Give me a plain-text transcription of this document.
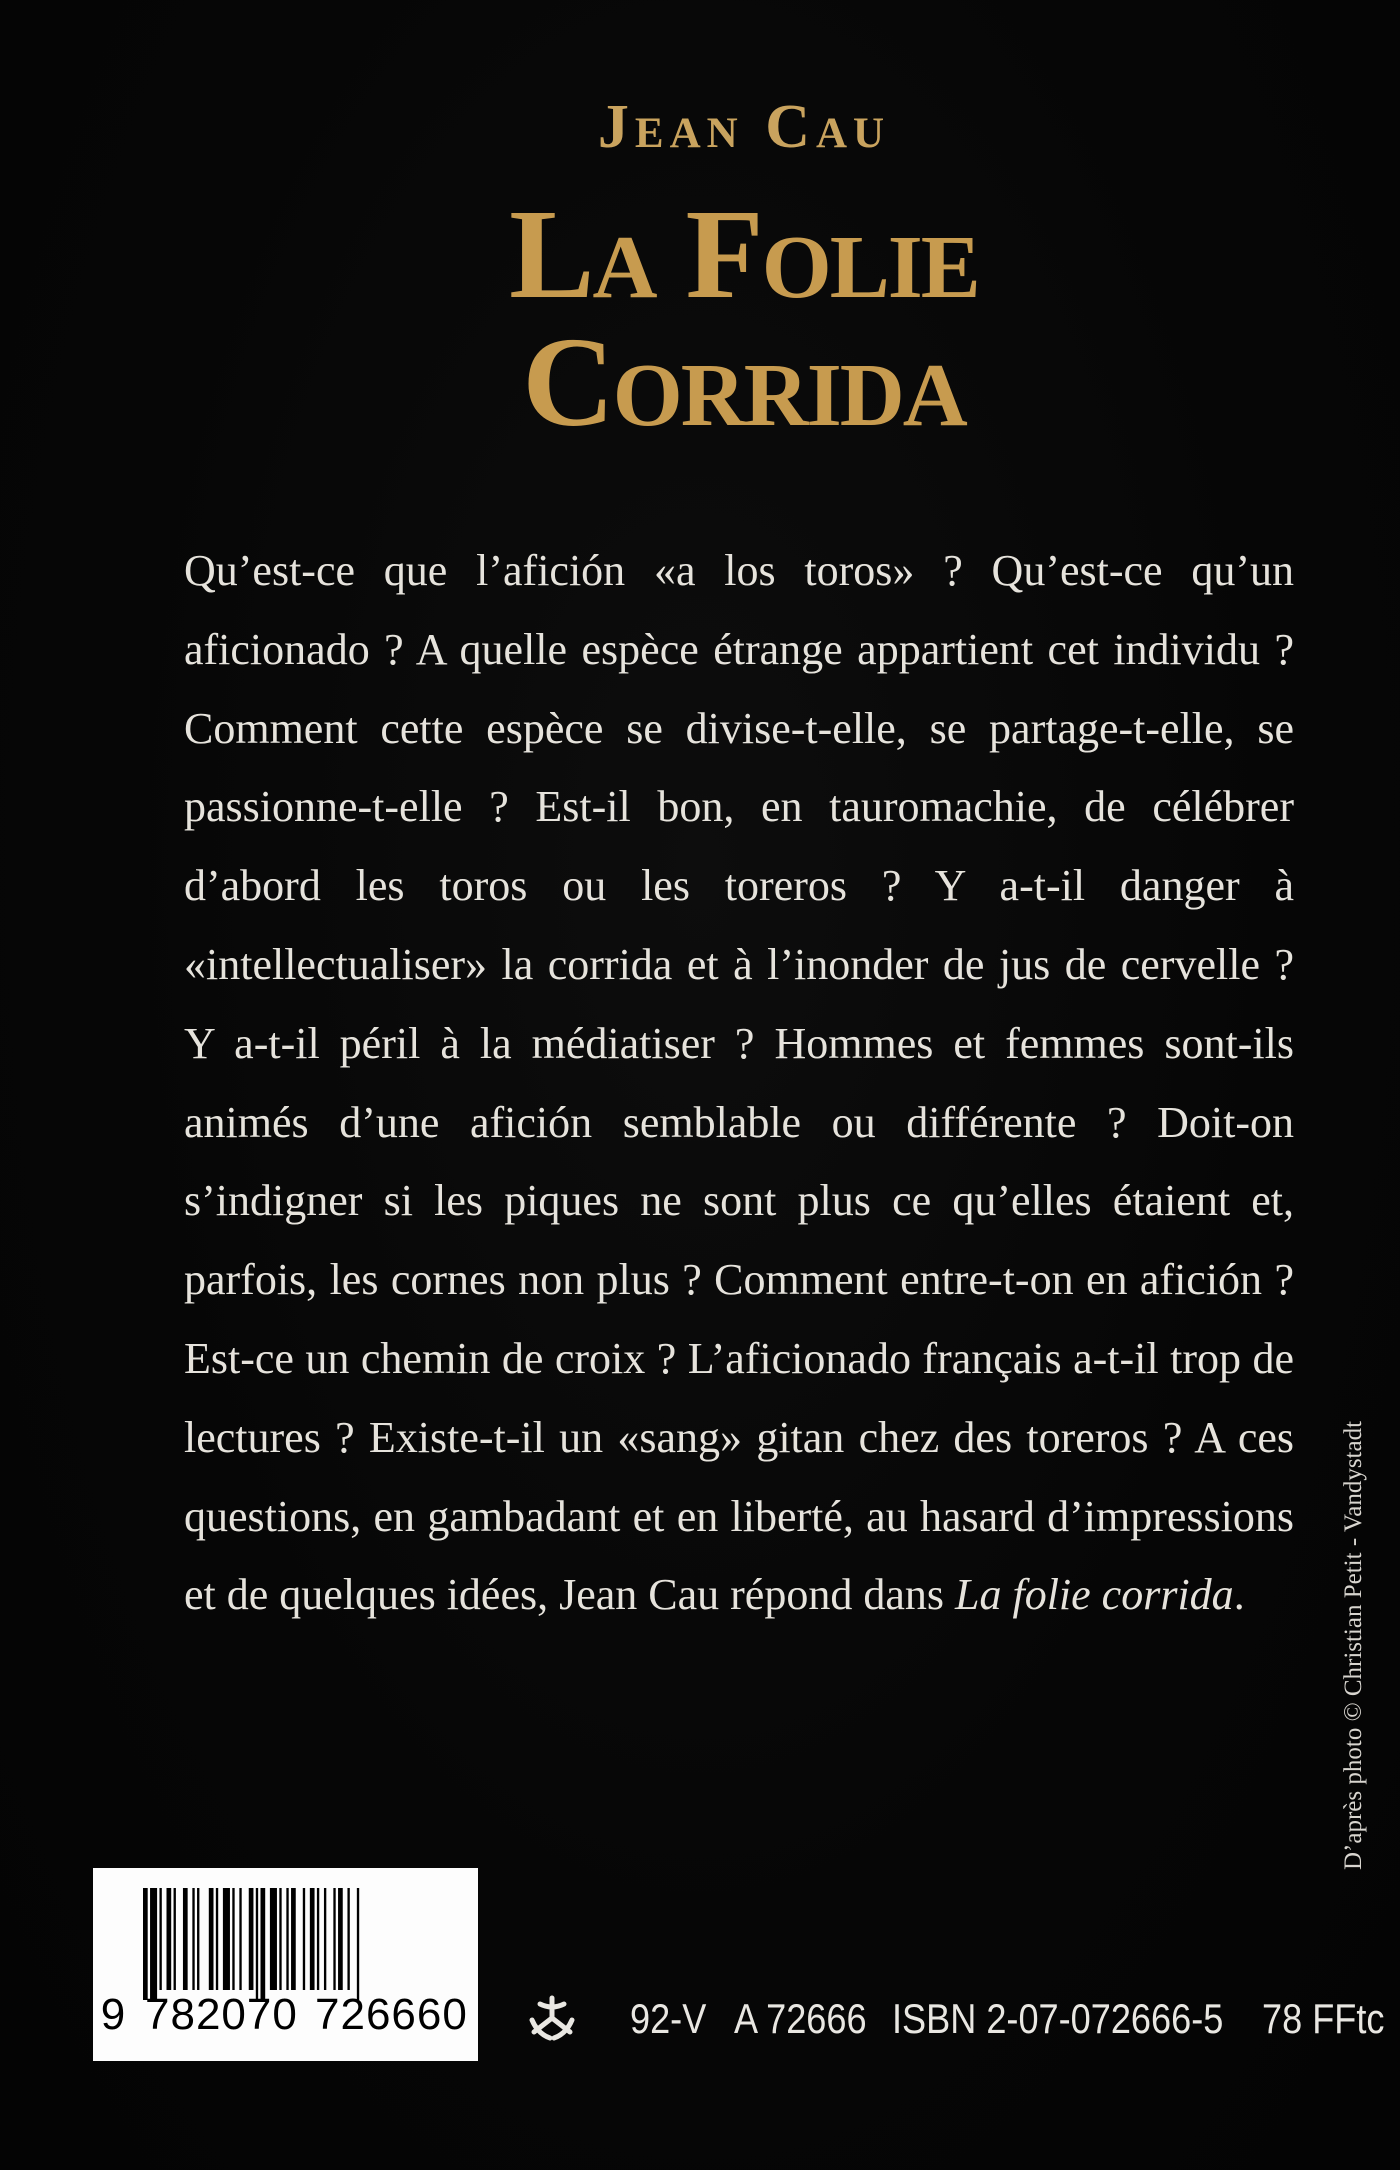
Jean Cau
La Folie
Corrida

Qu’est-ce que l’afición «a los toros» ? Qu’est-ce qu’un aficionado ? A quelle espèce étrange appartient cet individu ? Comment cette espèce se divise-t-elle, se partage-t-elle, se passionne-t-elle ? Est-il bon, en tauromachie, de célébrer d’abord les toros ou les toreros ? Y a-t-il danger à «intellectualiser» la corrida et à l’inonder de jus de cervelle ? Y a-t-il péril à la médiatiser ? Hommes et femmes sont-ils animés d’une afición semblable ou différente ? Doit-on s’indigner si les piques ne sont plus ce qu’elles étaient et, parfois, les cornes non plus ? Comment entre-t-on en afición ? Est-ce un chemin de croix ? L’aficionado français a-t-il trop de lectures ? Existe-t-il un «sang» gitan chez des toreros ? A ces questions, en gambadant et en liberté, au hasard d’impressions et de quelques idées, Jean Cau répond dans La folie corrida.	D’après photo © Christian Petit - Vandystadt
9 782070 726660	92-V A 72666 ISBN 2-07-072666-5 78 FFtc
